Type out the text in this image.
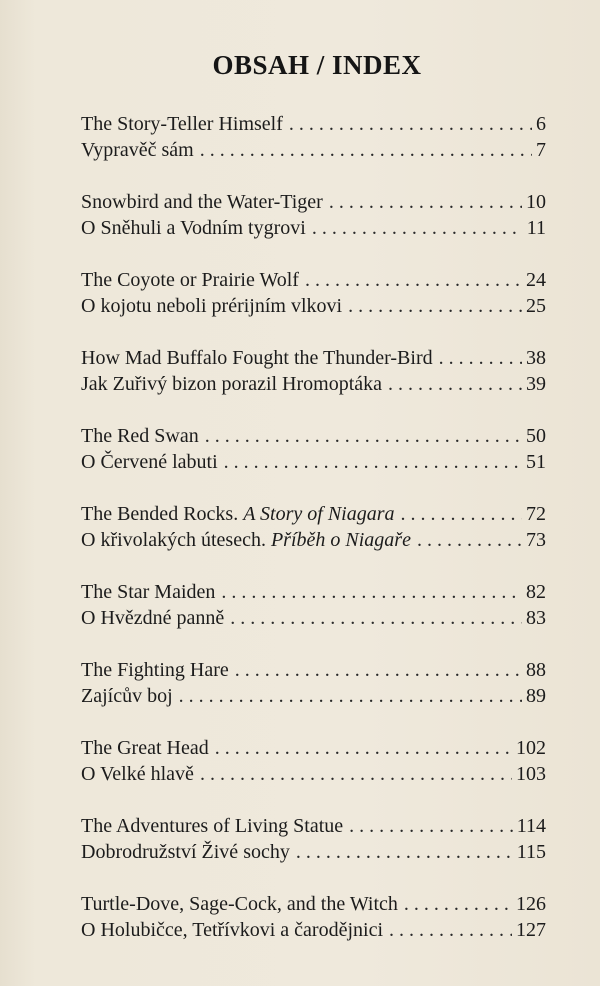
OBSAH / INDEX
The Story-Teller Himself . . .	6
Vypravěč sám . . .	7
Snowbird and the Water-Tiger . . .	10
O Sněhuli a Vodním tygrovi . . .	11
The Coyote or Prairie Wolf . . .	24
O kojotu neboli prérijním vlkovi . . .	25
How Mad Buffalo Fought the Thunder-Bird . . .	38
Jak Zuřivý bizon porazil Hromoptáka . . .	39
The Red Swan . . .	50
O Červené labuti . . .	51
The Bended Rocks. A Story of Niagara . . .	72
O křivolakých útesech. Příběh o Niagaře . . .	73
The Star Maiden . . .	82
O Hvězdné panně . . .	83
The Fighting Hare . . .	88
Zajícův boj . . .	89
The Great Head . . .	102
O Velké hlavě . . .	103
The Adventures of Living Statue . . .	114
Dobrodružství Živé sochy . . .	115
Turtle-Dove, Sage-Cock, and the Witch . . .	126
O Holubičce, Tetřívkovi a čarodějnici . . .	127
